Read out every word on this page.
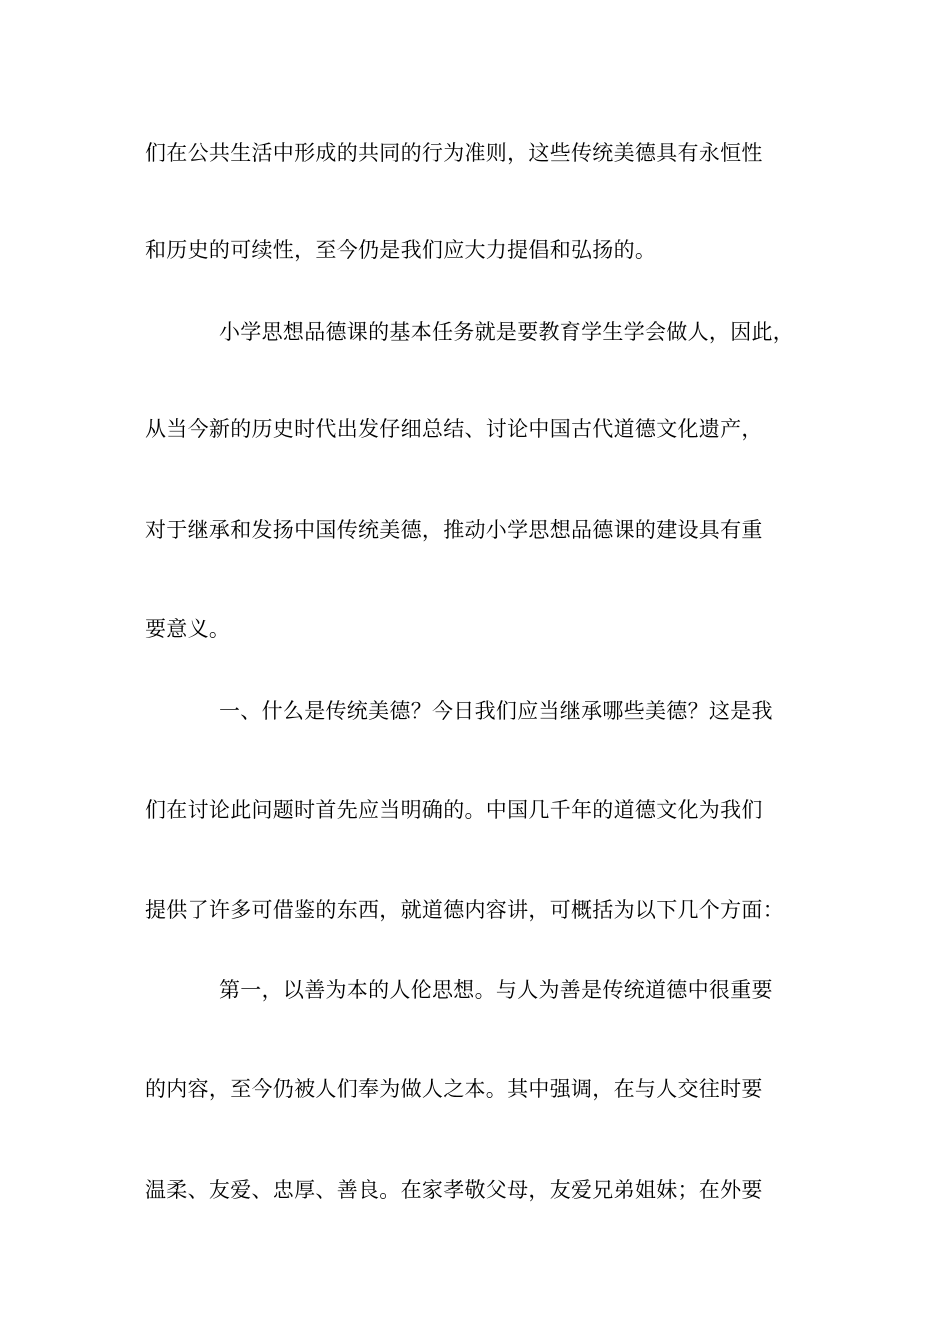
们在公共生活中形成的共同的行为准则，这些传统美德具有永恒性
和历史的可续性，至今仍是我们应大力提倡和弘扬的。
小学思想品德课的基本任务就是要教育学生学会做人，因此，
从当今新的历史时代出发仔细总结、讨论中国古代道德文化遗产，
对于继承和发扬中国传统美德，推动小学思想品德课的建设具有重
要意义。
一、什么是传统美德？今日我们应当继承哪些美德？这是我
们在讨论此问题时首先应当明确的。中国几千年的道德文化为我们
提供了许多可借鉴的东西，就道德内容讲，可概括为以下几个方面：
第一，以善为本的人伦思想。与人为善是传统道德中很重要
的内容，至今仍被人们奉为做人之本。其中强调，在与人交往时要
温柔、友爱、忠厚、善良。在家孝敬父母，友爱兄弟姐妹；在外要
